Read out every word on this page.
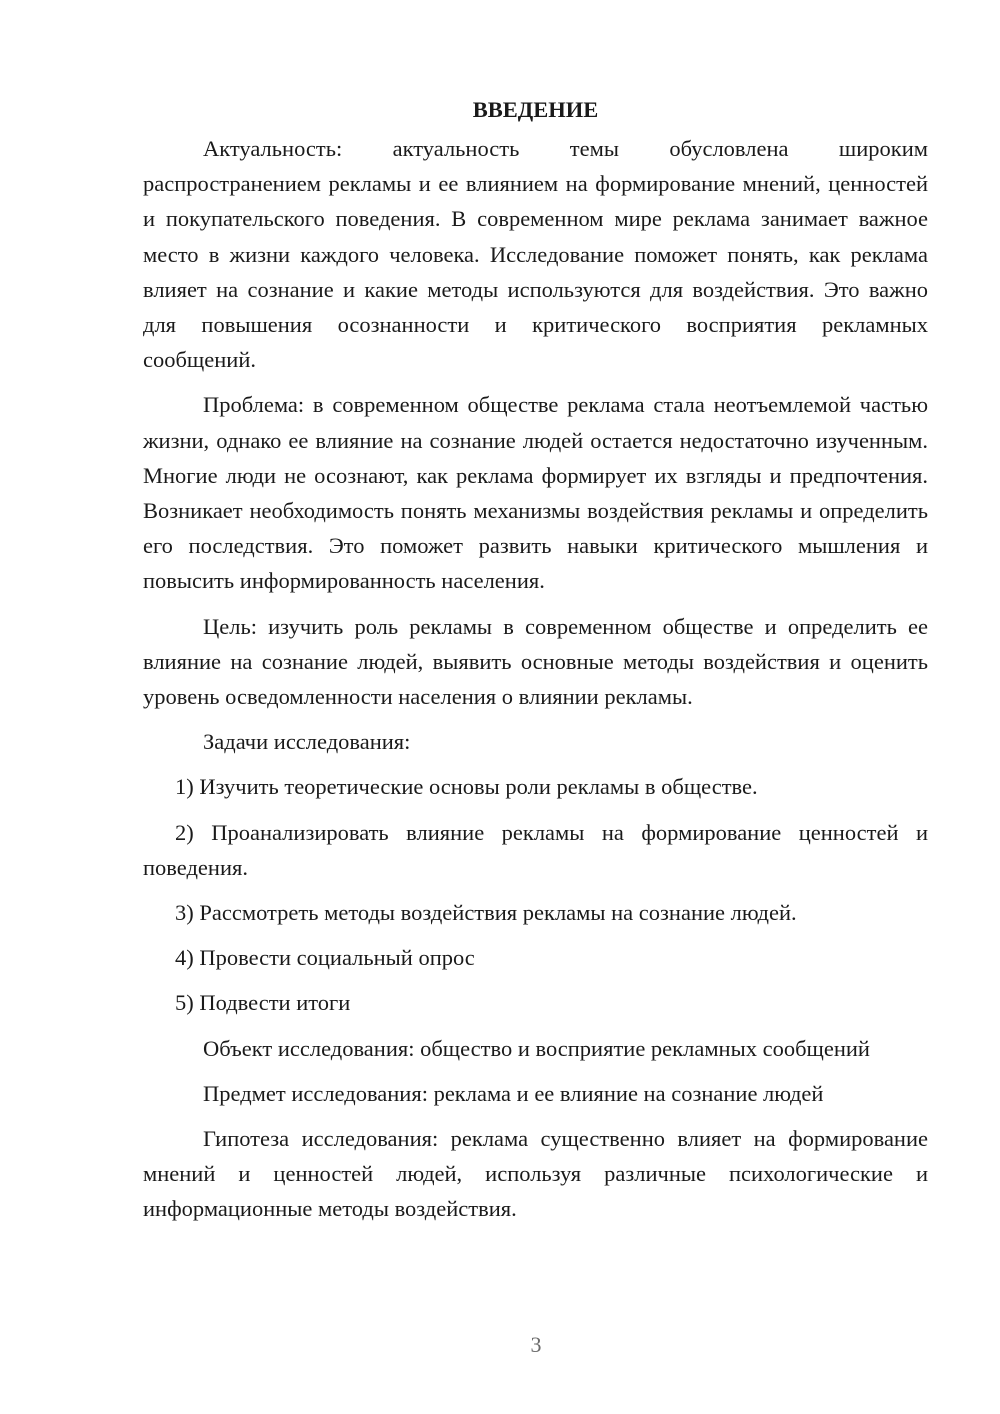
ВВЕДЕНИЕ

Актуальность: актуальность темы обусловлена широким распространением рекламы и ее влиянием на формирование мнений, ценностей и покупательского поведения. В современном мире реклама занимает важное место в жизни каждого человека. Исследование поможет понять, как реклама влияет на сознание и какие методы используются для воздействия. Это важно для повышения осознанности и критического восприятия рекламных сообщений.

Проблема: в современном обществе реклама стала неотъемлемой частью жизни, однако ее влияние на сознание людей остается недостаточно изученным. Многие люди не осознают, как реклама формирует их взгляды и предпочтения. Возникает необходимость понять механизмы воздействия рекламы и определить его последствия. Это поможет развить навыки критического мышления и повысить информированность населения.

Цель: изучить роль рекламы в современном обществе и определить ее влияние на сознание людей, выявить основные методы воздействия и оценить уровень осведомленности населения о влиянии рекламы.

Задачи исследования:

1) Изучить теоретические основы роли рекламы в обществе.

2) Проанализировать влияние рекламы на формирование ценностей и поведения.

3) Рассмотреть методы воздействия рекламы на сознание людей.

4) Провести социальный опрос

5) Подвести итоги

Объект исследования: общество и восприятие рекламных сообщений

Предмет исследования: реклама и ее влияние на сознание людей

Гипотеза исследования: реклама существенно влияет на формирование мнений и ценностей людей, используя различные психологические и информационные методы воздействия.

3
